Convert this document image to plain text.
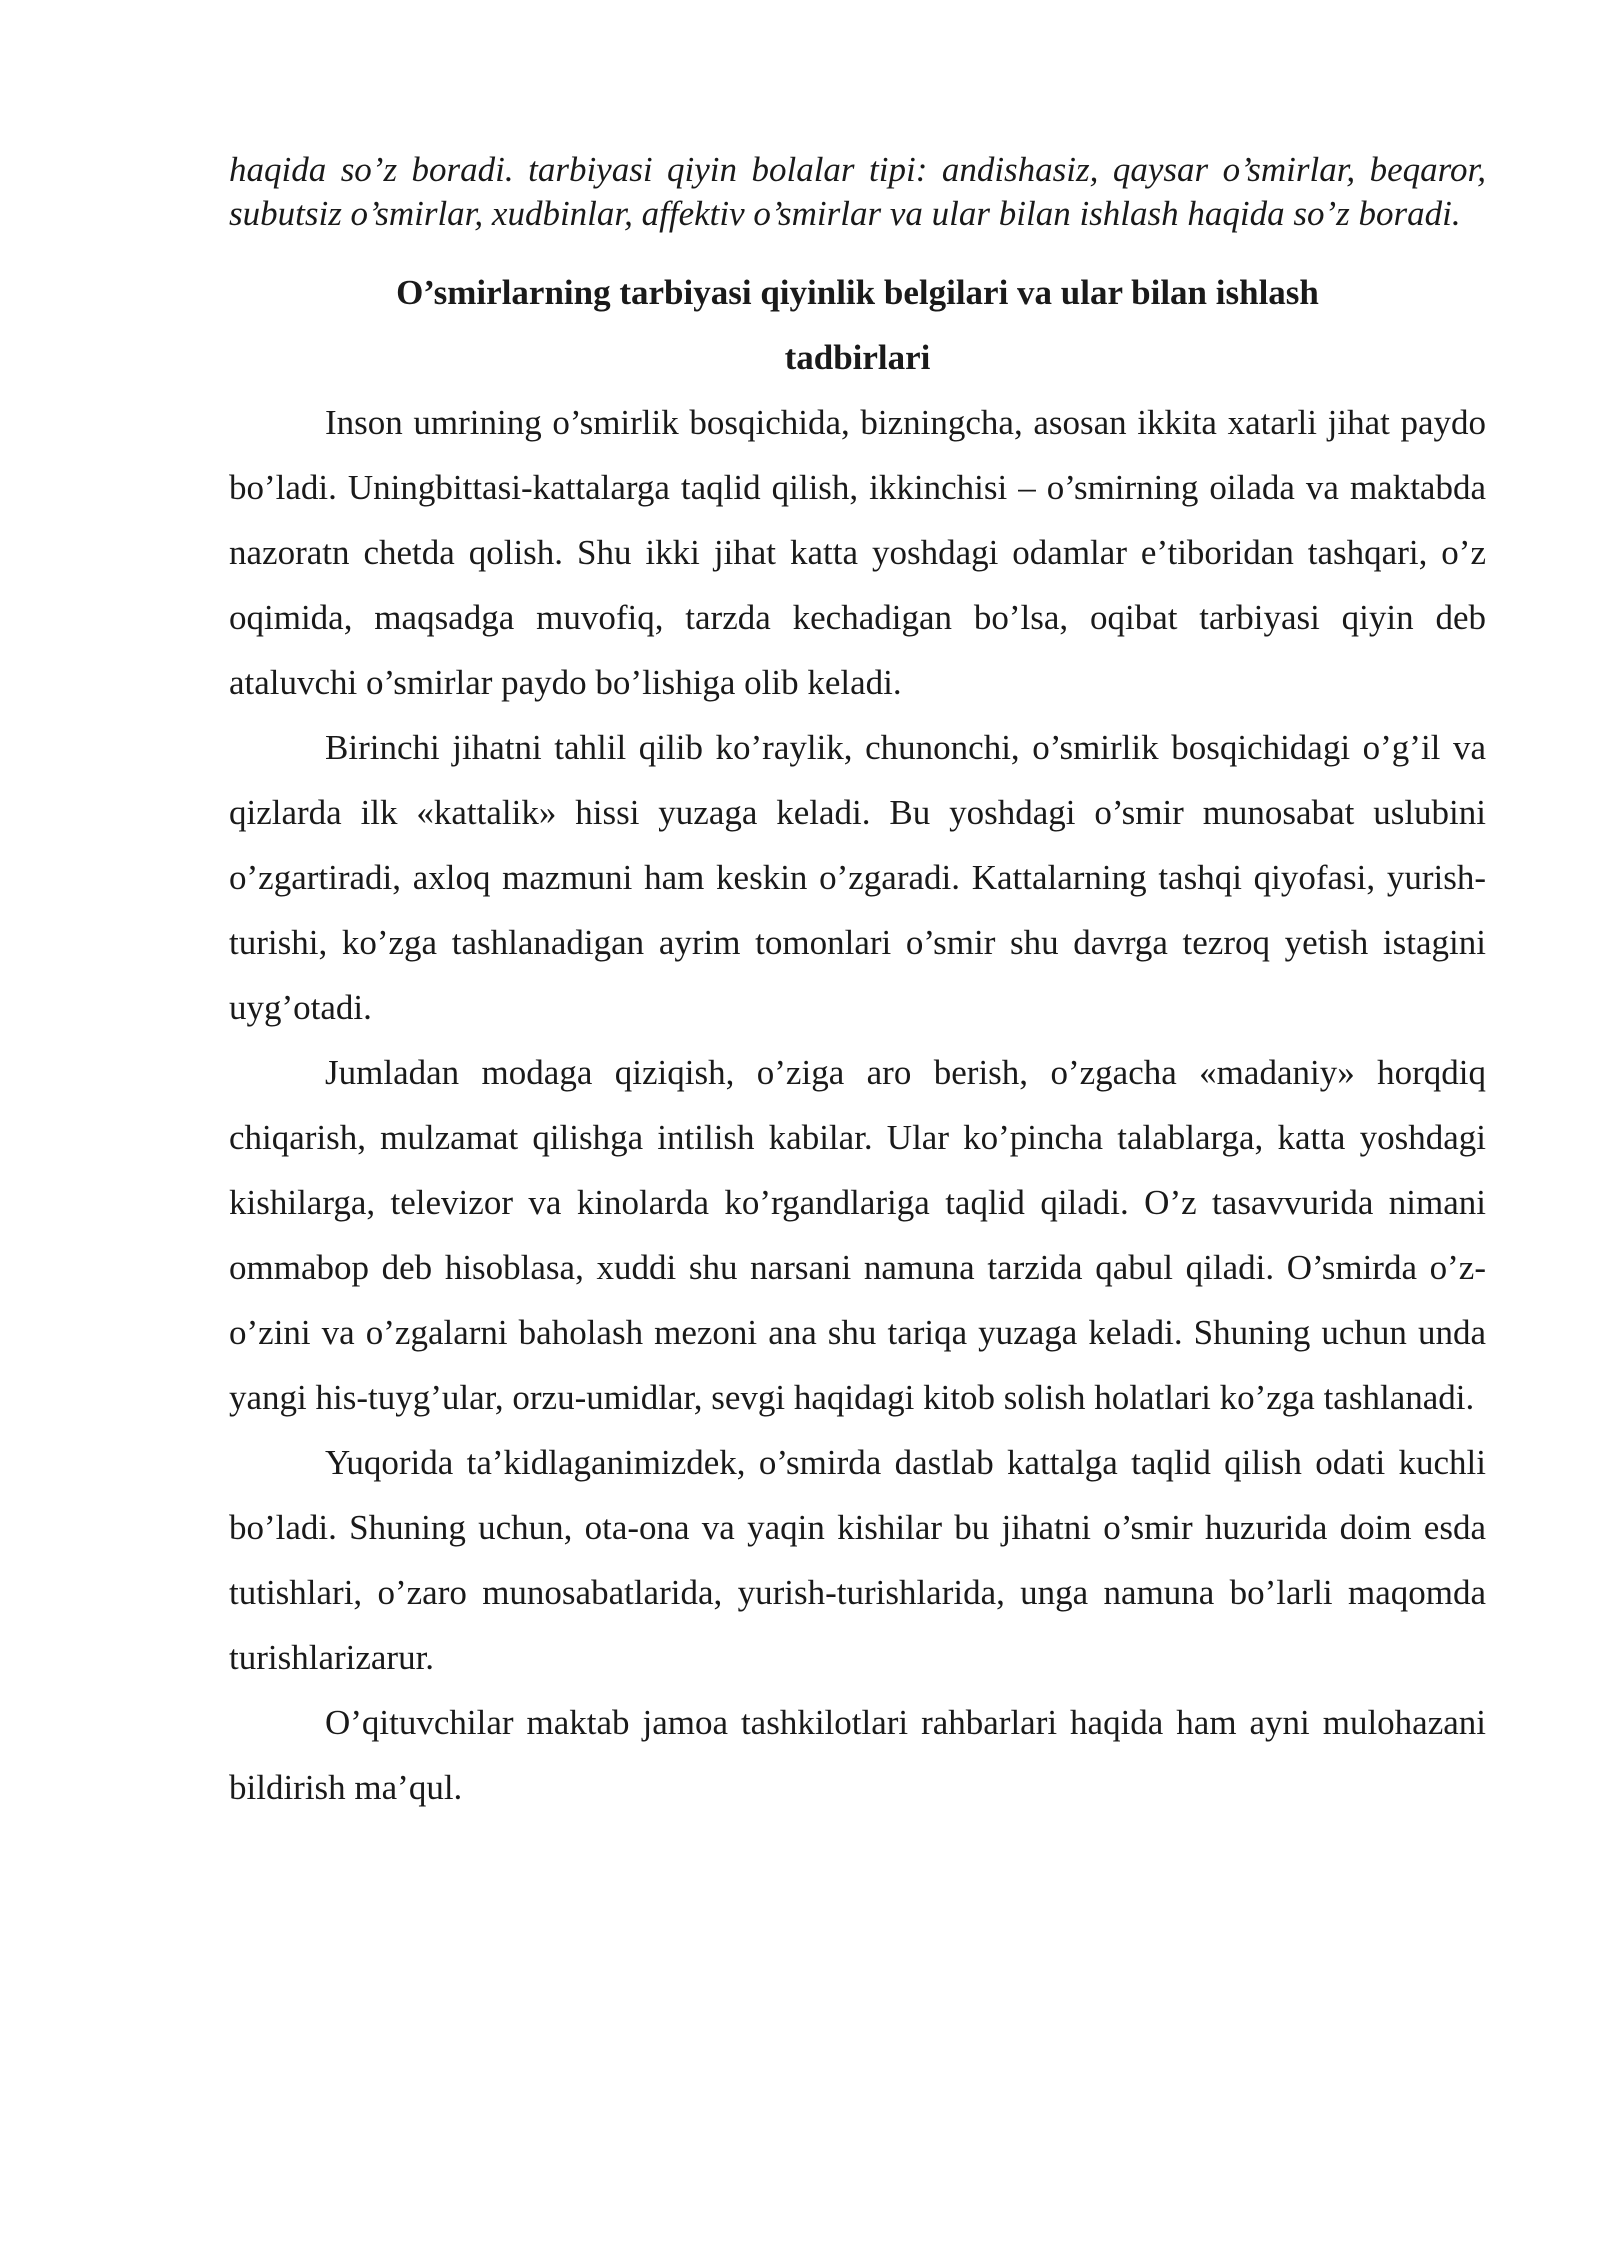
haqida so’z boradi. tarbiyasi qiyin bolalar tipi: andishasiz, qaysar o’smirlar, beqaror, subutsiz o’smirlar, xudbinlar, affektiv o’smirlar va ular bilan ishlash haqida so’z boradi.

O’smirlarning tarbiyasi qiyinlik belgilari va ular bilan ishlash
tadbirlari

Inson umrining o’smirlik bosqichida, bizningcha, asosan ikkita xatarli jihat paydo bo’ladi. Uningbittasi-kattalarga taqlid qilish, ikkinchisi – o’smirning oilada va maktabda nazoratn chetda qolish. Shu ikki jihat katta yoshdagi odamlar e’tiboridan tashqari, o’z oqimida, maqsadga muvofiq, tarzda kechadigan bo’lsa, oqibat tarbiyasi qiyin deb ataluvchi o’smirlar paydo bo’lishiga olib keladi.

Birinchi jihatni tahlil qilib ko’raylik, chunonchi, o’smirlik bosqichidagi o’g’il va qizlarda ilk «kattalik» hissi yuzaga keladi. Bu yoshdagi o’smir munosabat uslubini o’zgartiradi, axloq mazmuni ham keskin o’zgaradi. Kattalarning tashqi qiyofasi, yurish-turishi, ko’zga tashlanadigan ayrim tomonlari o’smir shu davrga tezroq yetish istagini uyg’otadi.

Jumladan modaga qiziqish, o’ziga aro berish, o’zgacha «madaniy» horqdiq chiqarish, mulzamat qilishga intilish kabilar. Ular ko’pincha talablarga, katta yoshdagi kishilarga, televizor va kinolarda ko’rgandlariga taqlid qiladi. O’z tasavvurida nimani ommabop deb hisoblasa, xuddi shu narsani namuna tarzida qabul qiladi. O’smirda o’z-o’zini va o’zgalarni baholash mezoni ana shu tariqa yuzaga keladi. Shuning uchun unda yangi his-tuyg’ular, orzu-umidlar, sevgi haqidagi kitob solish holatlari ko’zga tashlanadi.

Yuqorida ta’kidlaganimizdek, o’smirda dastlab kattalga taqlid qilish odati kuchli bo’ladi. Shuning uchun, ota-ona va yaqin kishilar bu jihatni o’smir huzurida doim esda tutishlari, o’zaro munosabatlarida, yurish-turishlarida, unga namuna bo’larli maqomda turishlarizarur.

O’qituvchilar maktab jamoa tashkilotlari rahbarlari haqida ham ayni mulohazani bildirish ma’qul.
